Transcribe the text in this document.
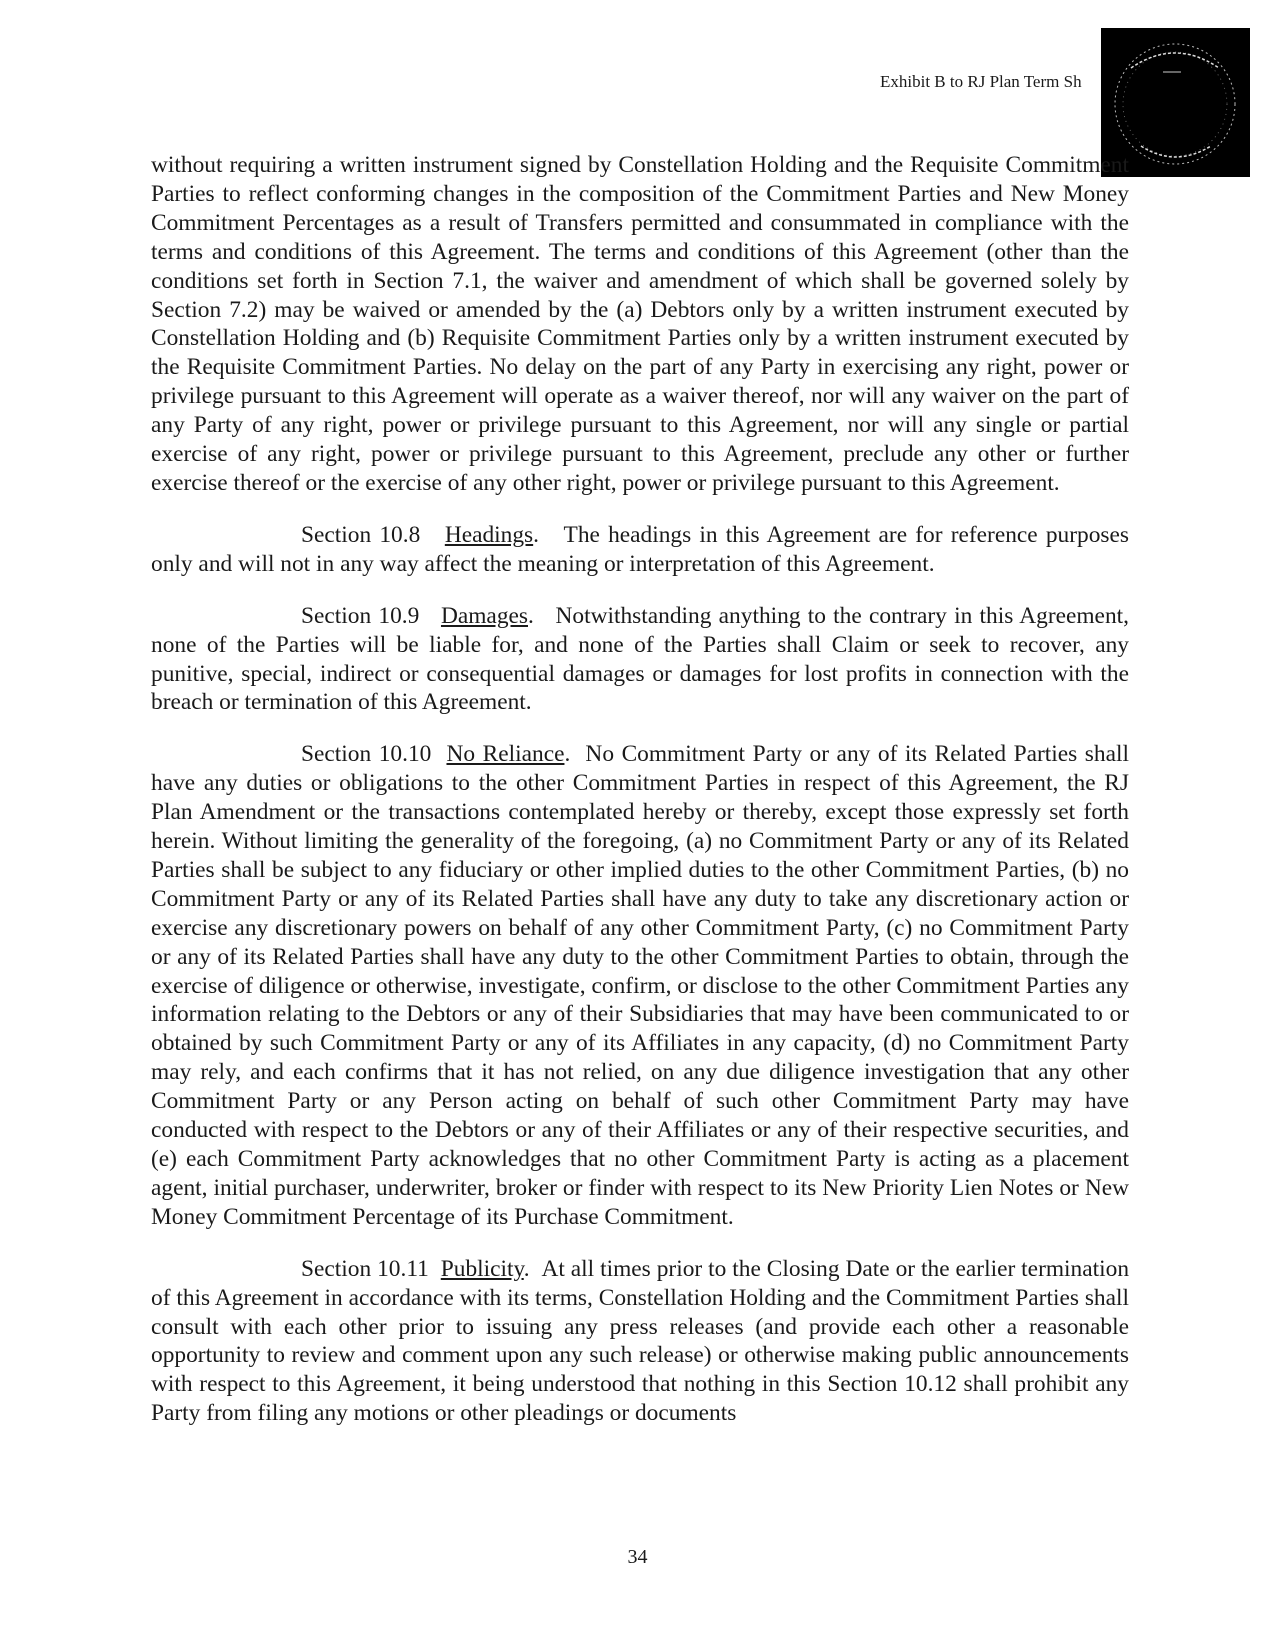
Exhibit B to RJ Plan Term Sh

without requiring a written instrument signed by Constellation Holding and the Requisite Commitment Parties to reflect conforming changes in the composition of the Commitment Parties and New Money Commitment Percentages as a result of Transfers permitted and consummated in compliance with the terms and conditions of this Agreement. The terms and conditions of this Agreement (other than the conditions set forth in Section 7.1, the waiver and amendment of which shall be governed solely by Section 7.2) may be waived or amended by the (a) Debtors only by a written instrument executed by Constellation Holding and (b) Requisite Commitment Parties only by a written instrument executed by the Requisite Commitment Parties. No delay on the part of any Party in exercising any right, power or privilege pursuant to this Agreement will operate as a waiver thereof, nor will any waiver on the part of any Party of any right, power or privilege pursuant to this Agreement, nor will any single or partial exercise of any right, power or privilege pursuant to this Agreement, preclude any other or further exercise thereof or the exercise of any other right, power or privilege pursuant to this Agreement.

Section 10.8 Headings.   The headings in this Agreement are for reference purposes only and will not in any way affect the meaning or interpretation of this Agreement.

Section 10.9 Damages.   Notwithstanding anything to the contrary in this Agreement, none of the Parties will be liable for, and none of the Parties shall Claim or seek to recover, any punitive, special, indirect or consequential damages or damages for lost profits in connection with the breach or termination of this Agreement.

Section 10.10 No Reliance.  No Commitment Party or any of its Related Parties shall have any duties or obligations to the other Commitment Parties in respect of this Agreement, the RJ Plan Amendment or the transactions contemplated hereby or thereby, except those expressly set forth herein. Without limiting the generality of the foregoing, (a) no Commitment Party or any of its Related Parties shall be subject to any fiduciary or other implied duties to the other Commitment Parties, (b) no Commitment Party or any of its Related Parties shall have any duty to take any discretionary action or exercise any discretionary powers on behalf of any other Commitment Party, (c) no Commitment Party or any of its Related Parties shall have any duty to the other Commitment Parties to obtain, through the exercise of diligence or otherwise, investigate, confirm, or disclose to the other Commitment Parties any information relating to the Debtors or any of their Subsidiaries that may have been communicated to or obtained by such Commitment Party or any of its Affiliates in any capacity, (d) no Commitment Party may rely, and each confirms that it has not relied, on any due diligence investigation that any other Commitment Party or any Person acting on behalf of such other Commitment Party may have conducted with respect to the Debtors or any of their Affiliates or any of their respective securities, and (e) each Commitment Party acknowledges that no other Commitment Party is acting as a placement agent, initial purchaser, underwriter, broker or finder with respect to its New Priority Lien Notes or New Money Commitment Percentage of its Purchase Commitment.

Section 10.11 Publicity.  At all times prior to the Closing Date or the earlier termination of this Agreement in accordance with its terms, Constellation Holding and the Commitment Parties shall consult with each other prior to issuing any press releases (and provide each other a reasonable opportunity to review and comment upon any such release) or otherwise making public announcements with respect to this Agreement, it being understood that nothing in this Section 10.12 shall prohibit any Party from filing any motions or other pleadings or documents

34
